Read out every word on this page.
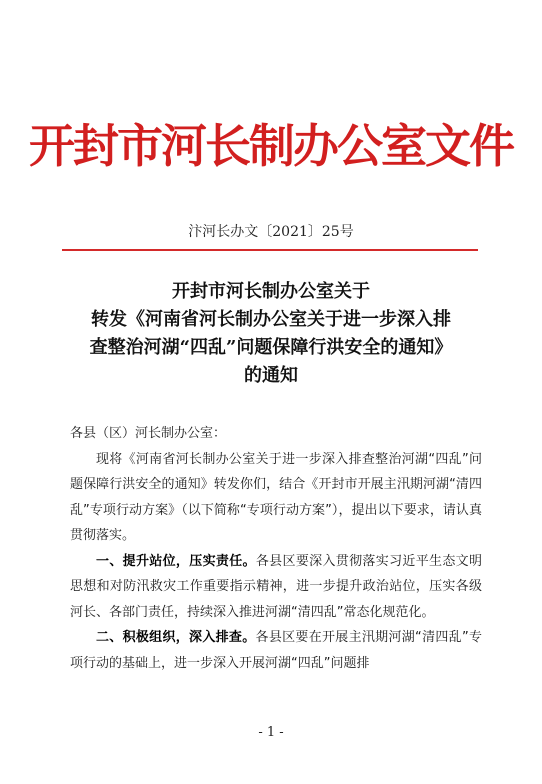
开封市河长制办公室文件
汴河长办文〔2021〕25号
开封市河长制办公室关于
转发《河南省河长制办公室关于进一步深入排
查整治河湖“四乱”问题保障行洪安全的通知》
的通知

各县（区）河长制办公室：

现将《河南省河长制办公室关于进一步深入排查整治河湖“四乱”问题保障行洪安全的通知》转发你们，结合《开封市开展主汛期河湖“清四乱”专项行动方案》（以下简称“专项行动方案”），提出以下要求，请认真贯彻落实。

一、提升站位，压实责任。各县区要深入贯彻落实习近平生态文明思想和对防汛救灾工作重要指示精神，进一步提升政治站位，压实各级河长、各部门责任，持续深入推进河湖“清四乱”常态化规范化。

二、积极组织，深入排查。各县区要在开展主汛期河湖“清四乱”专项行动的基础上，进一步深入开展河湖“四乱”问题排

- 1 -
